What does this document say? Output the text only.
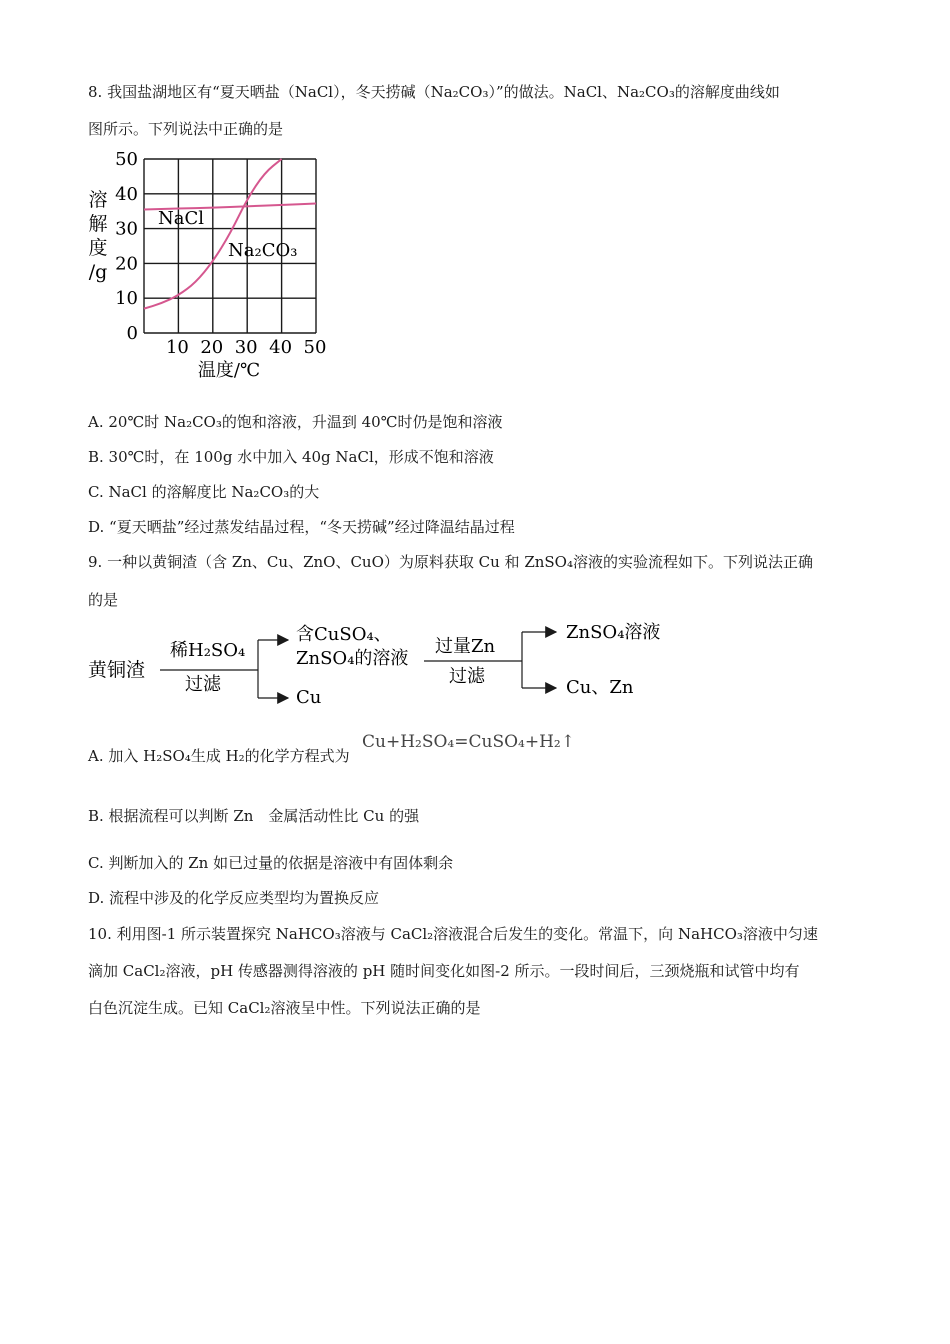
8. 我国盐湖地区有“夏天晒盐（NaCl），冬天捞碱（Na₂CO₃）”的做法。NaCl、Na₂CO₃的溶解度曲线如
图所示。下列说法中正确的是
10 20 30 40 50
0
10
20
30
40
50
NaCl
Na₂CO₃
溶
解
度
/g
温度/℃
A. 20℃时 Na₂CO₃的饱和溶液，升温到 40℃时仍是饱和溶液
B. 30℃时，在 100g 水中加入 40g NaCl，形成不饱和溶液
C. NaCl 的溶解度比 Na₂CO₃的大
D. “夏天晒盐”经过蒸发结晶过程，“冬天捞碱”经过降温结晶过程
9. 一种以黄铜渣（含 Zn、Cu、ZnO、CuO）为原料获取 Cu 和 ZnSO₄溶液的实验流程如下。下列说法正确
的是
黄铜渣
稀H₂SO₄
过滤
含CuSO₄、
ZnSO₄的溶液
Cu
过量Zn
过滤
ZnSO₄溶液
Cu、Zn
A. 加入 H₂SO₄生成 H₂的化学方程式为
Cu+H₂SO₄=CuSO₄+H₂↑
B. 根据流程可以判断 Zn　金属活动性比 Cu 的强
C. 判断加入的 Zn 如已过量的依据是溶液中有固体剩余
D. 流程中涉及的化学反应类型均为置换反应
10. 利用图-1 所示装置探究 NaHCO₃溶液与 CaCl₂溶液混合后发生的变化。常温下，向 NaHCO₃溶液中匀速
滴加 CaCl₂溶液，pH 传感器测得溶液的 pH 随时间变化如图-2 所示。一段时间后，三颈烧瓶和试管中均有
白色沉淀生成。已知 CaCl₂溶液呈中性。下列说法正确的是
